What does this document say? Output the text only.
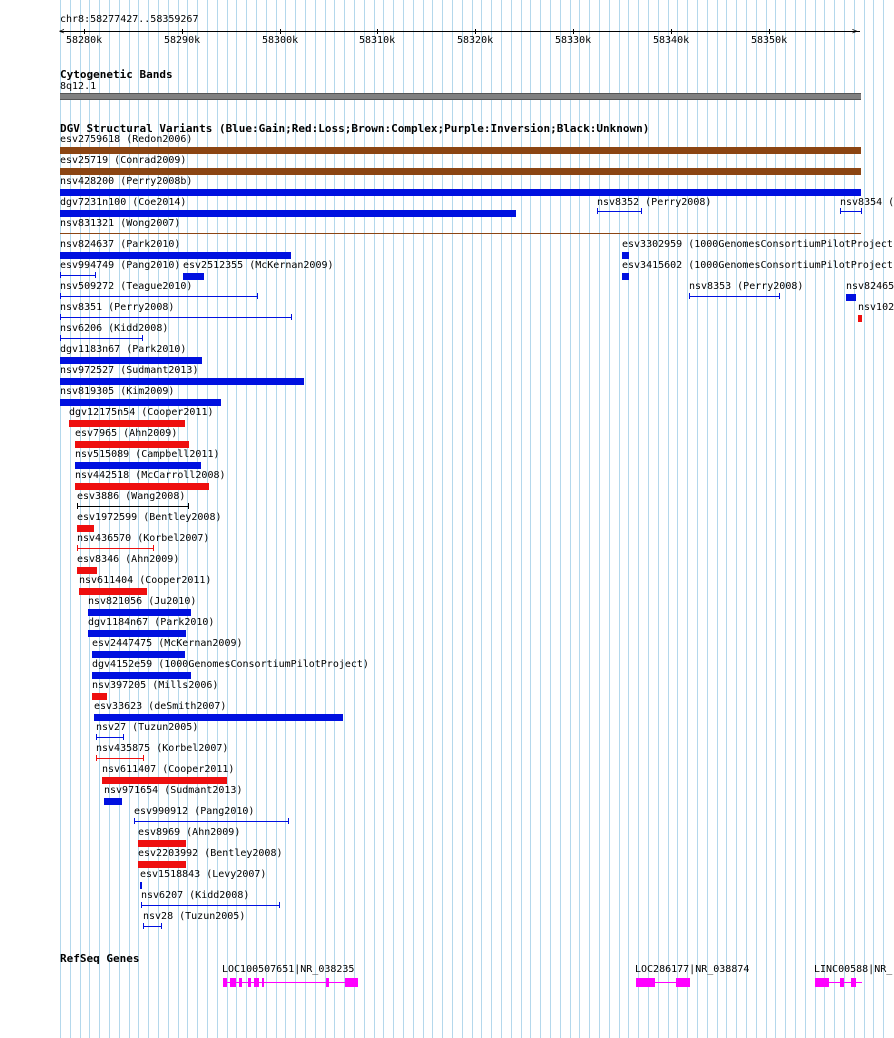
chr8:58277427..58359267
<	>
58280k	58290k	58300k	58310k	58320k	58330k	58340k	58350k
Cytogenetic Bands
8q12.1
DGV Structural Variants (Blue:Gain;Red:Loss;Brown:Complex;Purple:Inversion;Black:Unknown)
esv2759618 (Redon2006)
esv25719 (Conrad2009)
nsv428200 (Perry2008b)
dgv7231n100 (Coe2014)	nsv8352 (Perry2008)	nsv8354 (
nsv831321 (Wong2007)
nsv824637 (Park2010)	esv3302959 (1000GenomesConsortiumPilotProject
esv994749 (Pang2010) esv2512355 (McKernan2009)	esv3415602 (1000GenomesConsortiumPilotProject
nsv509272 (Teague2010)	nsv8353 (Perry2008)	nsv82465
nsv102
nsv8351 (Perry2008)
nsv6206 (Kidd2008)
dgv1183n67 (Park2010)
nsv972527 (Sudmant2013)
nsv819305 (Kim2009)
dgv12175n54 (Cooper2011)
esv7965 (Ahn2009)
nsv515089 (Campbell2011)
nsv442518 (McCarroll2008)
esv3886 (Wang2008)
esv1972599 (Bentley2008)
nsv436570 (Korbel2007)
esv8346 (Ahn2009)
nsv611404 (Cooper2011)
nsv821056 (Ju2010)
dgv1184n67 (Park2010)
esv2447475 (McKernan2009)
dgv4152e59 (1000GenomesConsortiumPilotProject)
nsv397205 (Mills2006)
esv33623 (deSmith2007)
nsv27 (Tuzun2005)
nsv435875 (Korbel2007)
nsv611407 (Cooper2011)
nsv971654 (Sudmant2013)
esv990912 (Pang2010)
esv8969 (Ahn2009)
esv2203992 (Bentley2008)
esv1518843 (Levy2007)
nsv6207 (Kidd2008)
nsv28 (Tuzun2005)
RefSeq Genes
LOC100507651|NR_038235	LOC286177|NR_038874	LINC00588|NR_
